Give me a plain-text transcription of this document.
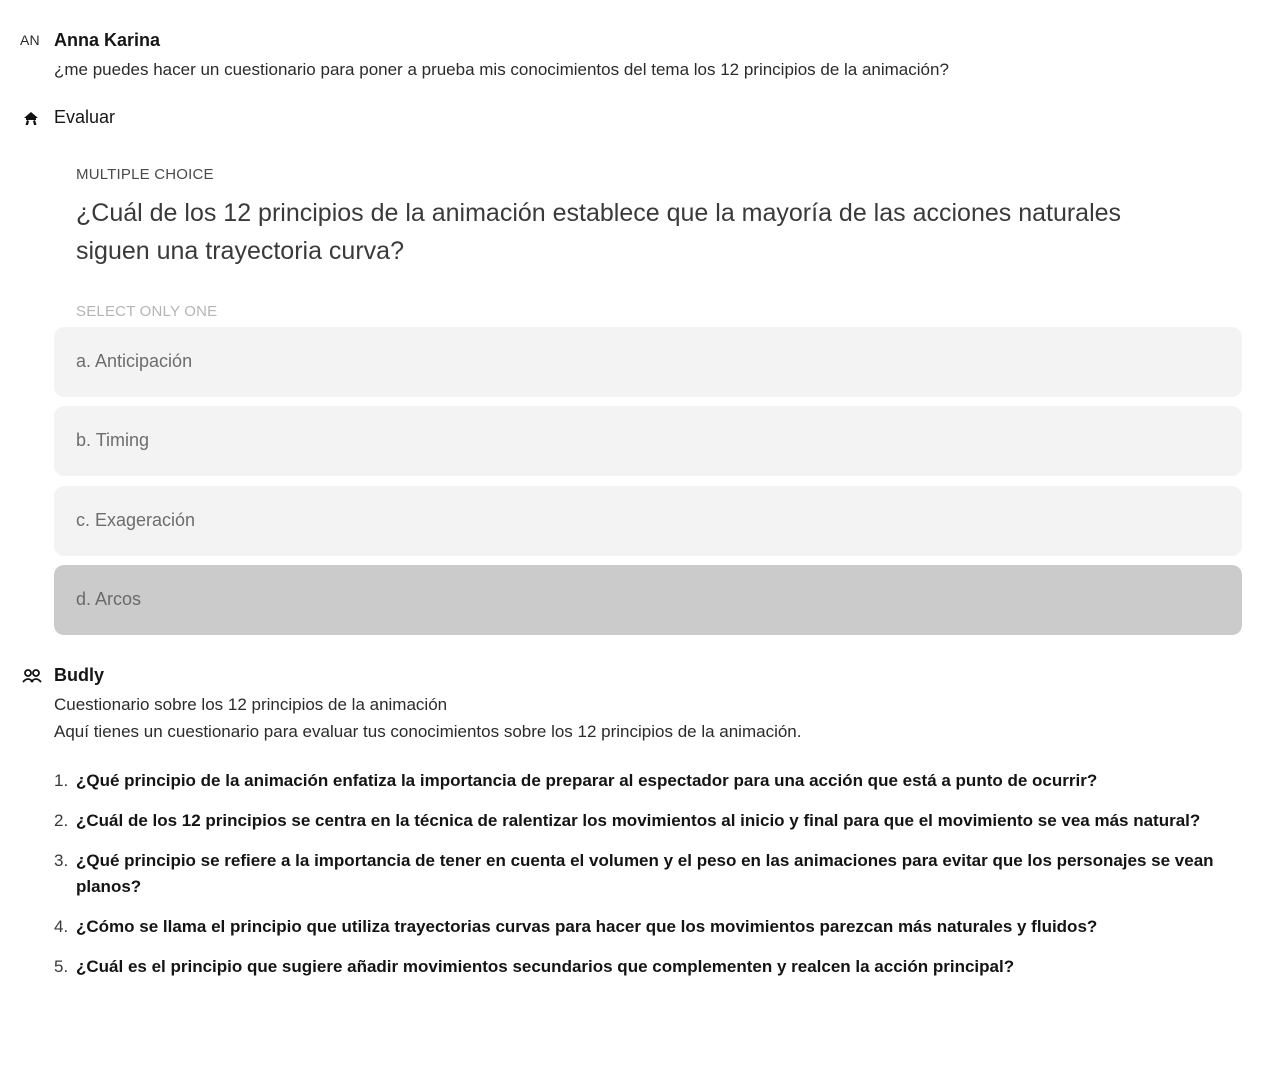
AN Anna Karina
¿me puedes hacer un cuestionario para poner a prueba mis conocimientos del tema los 12 principios de la animación?
Evaluar
MULTIPLE CHOICE
¿Cuál de los 12 principios de la animación establece que la mayoría de las acciones naturales siguen una trayectoria curva?
SELECT ONLY ONE
a. Anticipación
b. Timing
c. Exageración
d. Arcos
Budly
Cuestionario sobre los 12 principios de la animación
Aquí tienes un cuestionario para evaluar tus conocimientos sobre los 12 principios de la animación.
1. ¿Qué principio de la animación enfatiza la importancia de preparar al espectador para una acción que está a punto de ocurrir?
2. ¿Cuál de los 12 principios se centra en la técnica de ralentizar los movimientos al inicio y final para que el movimiento se vea más natural?
3. ¿Qué principio se refiere a la importancia de tener en cuenta el volumen y el peso en las animaciones para evitar que los personajes se vean planos?
4. ¿Cómo se llama el principio que utiliza trayectorias curvas para hacer que los movimientos parezcan más naturales y fluidos?
5. ¿Cuál es el principio que sugiere añadir movimientos secundarios que complementen y realcen la acción principal?
